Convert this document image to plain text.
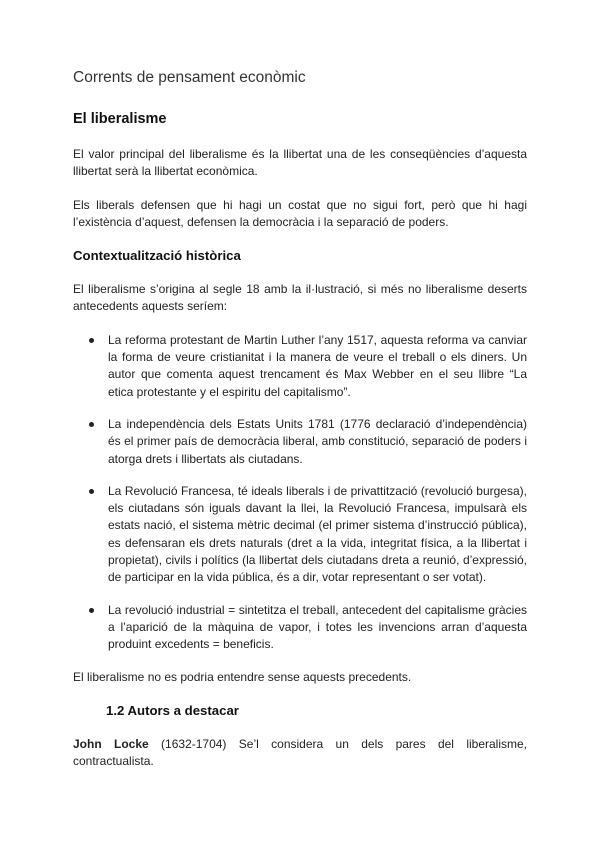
Corrents de pensament econòmic
El liberalisme

El valor principal del liberalisme és la llibertat una de les conseqüències d’aquesta llibertat serà la llibertat econòmica.

Els liberals defensen que hi hagi un costat que no sigui fort, però que hi hagi l’existència d’aquest, defensen la democràcia i la separació de poders.

Contextualització històrica

El liberalisme s’origina al segle 18 amb la il·lustració, si més no liberalisme deserts antecedents aquests seríem:

La reforma protestant de Martin Luther l’any 1517, aquesta reforma va canviar la forma de veure cristianitat i la manera de veure el treball o els diners. Un autor que comenta aquest trencament és Max Webber en el seu llibre “La etica protestante y el espiritu del capitalismo”.
La independència dels Estats Units 1781 (1776 declaració d’independència) és el primer país de democràcia liberal, amb constitució, separació de poders i atorga drets i llibertats als ciutadans.
La Revolució Francesa, té ideals liberals i de privattització (revolució burgesa), els ciutadans són iguals davant la llei, la Revolució Francesa, impulsarà els estats nació, el sistema mètric decimal (el primer sistema d’instrucció pública), es defensaran els drets naturals (dret a la vida, integritat física, a la llibertat i propietat), civils i polítics (la llibertat dels ciutadans dreta a reunió, d’expressió, de participar en la vida pública, és a dir, votar representant o ser votat).
La revolució industrial = sintetitza el treball, antecedent del capitalisme gràcies a l’aparició de la màquina de vapor, i totes les invencions arran d’aquesta produint excedents = beneficis.

El liberalisme no es podria entendre sense aquests precedents.

1.2 Autors a destacar

John Locke (1632-1704) Se’l considera un dels pares del liberalisme, contractualista.
